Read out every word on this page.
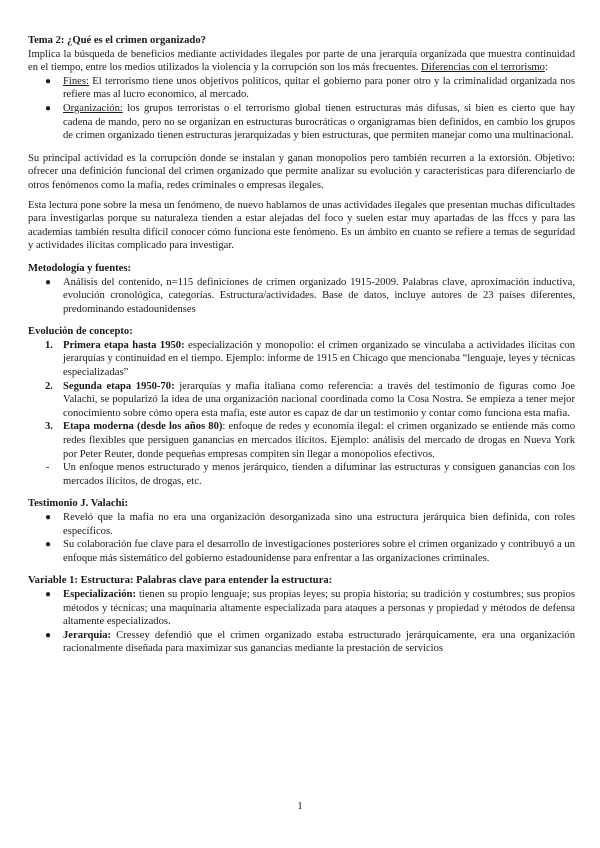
Tema 2: ¿Qué es el crimen organizado?

Implica la búsqueda de beneficios mediante actividades ilegales por parte de una jerarquía organizada que muestra continuidad en el tiempo, entre los medios utilizados la violencia y la corrupción son los más frecuentes. Diferencias con el terrorismo:

● Fines: El terrorismo tiene unos objetivos políticos, quitar el gobierno para poner otro y la criminalidad organizada nos refiere mas al lucro economico, al mercado.
● Organización: los grupos terroristas o el terrorismo global tienen estructuras más difusas, si bien es cierto que hay cadena de mando, pero no se organizan en estructuras burocráticas o organigramas bien definidos, en cambio los grupos de crimen organizado tienen estructuras jerarquizadas y bien estructuras, que permiten manejar como una multinacional.

Su principal actividad es la corrupción donde se instalan y ganan monopolios pero también recurren a la extorsión. Objetivo: ofrecer una definición funcional del crimen organizado que permite analizar su evolución y características para diferenciarlo de otros fenómenos como la mafia, redes criminales o empresas ilegales.

Esta lectura pone sobre la mesa un fenómeno, de nuevo hablamos de unas actividades ilegales que presentan muchas dificultades para investigarlas porque su naturaleza tienden a estar alejadas del foco y suelen estar muy apartadas de las ffccs y para las academias también resulta difícil conocer cómo funciona este fenómeno. Es un ámbito en cuanto se refiere a temas de seguridad y actividades ilícitas complicado para investigar.

Metodología y fuentes:

● Análisis del contenido, n=115 definiciones de crimen organizado 1915-2009. Palabras clave, aproximación inductiva, evolución cronológica, categorías. Estructura/actividades. Base de datos, incluye autores de 23 países diferentes, predominando estadounidenses

Evolución de concepto:

1. Primera etapa hasta 1950: especialización y monopolio: el crimen organizado se vinculaba a actividades ilícitas con jerarquías y continuidad en el tiempo. Ejemplo: informe de 1915 en Chicago que mencionaba “lenguaje, leyes y técnicas especializadas”
2. Segunda etapa 1950-70: jerarquías y mafia italiana como referencia: a través del testimonio de figuras como Joe Valachi, se popularizó la idea de una organización nacional coordinada como la Cosa Nostra. Se empieza a tener mejor conocimiento sobre cómo opera esta mafia, este autor es capaz de dar un testimonio y contar como funciona esta mafia.
3. Etapa moderna (desde los años 80): enfoque de redes y economía ilegal: el crimen organizado se entiende más como redes flexibles que persiguen ganancias en mercados ilícitos. Ejemplo: análisis del mercado de drogas en Nueva York por Peter Reuter, donde pequeñas empresas compiten sin llegar a monopolios efectivos.
- Un enfoque menos estructurado y menos jerárquico, tienden a difuminar las estructuras y consiguen ganancias con los mercados ilícitos, de drogas, etc.

Testimonio J. Valachi:

● Reveló que la mafia no era una organización desorganizada sino una estructura jerárquica bien definida, con roles específicos.
● Su colaboración fue clave para el desarrollo de investigaciones posteriores sobre el crimen organizado y contribuyó a un enfoque más sistemático del gobierno estadounidense para enfrentar a las organizaciones criminales.

Variable 1: Estructura: Palabras clave para entender la estructura:

● Especialización: tienen su propio lenguaje; sus propias leyes; su propia historia; su tradición y costumbres; sus propios métodos y técnicas; una maquinaria altamente especializada para ataques a personas y propiedad y métodos de defensa altamente especializados.
● Jerarquía: Cressey defendió que el crimen organizado estaba estructurado jerárquicamente, era una organización racionalmente diseñada para maximizar sus ganancias mediante la prestación de servicios
1
